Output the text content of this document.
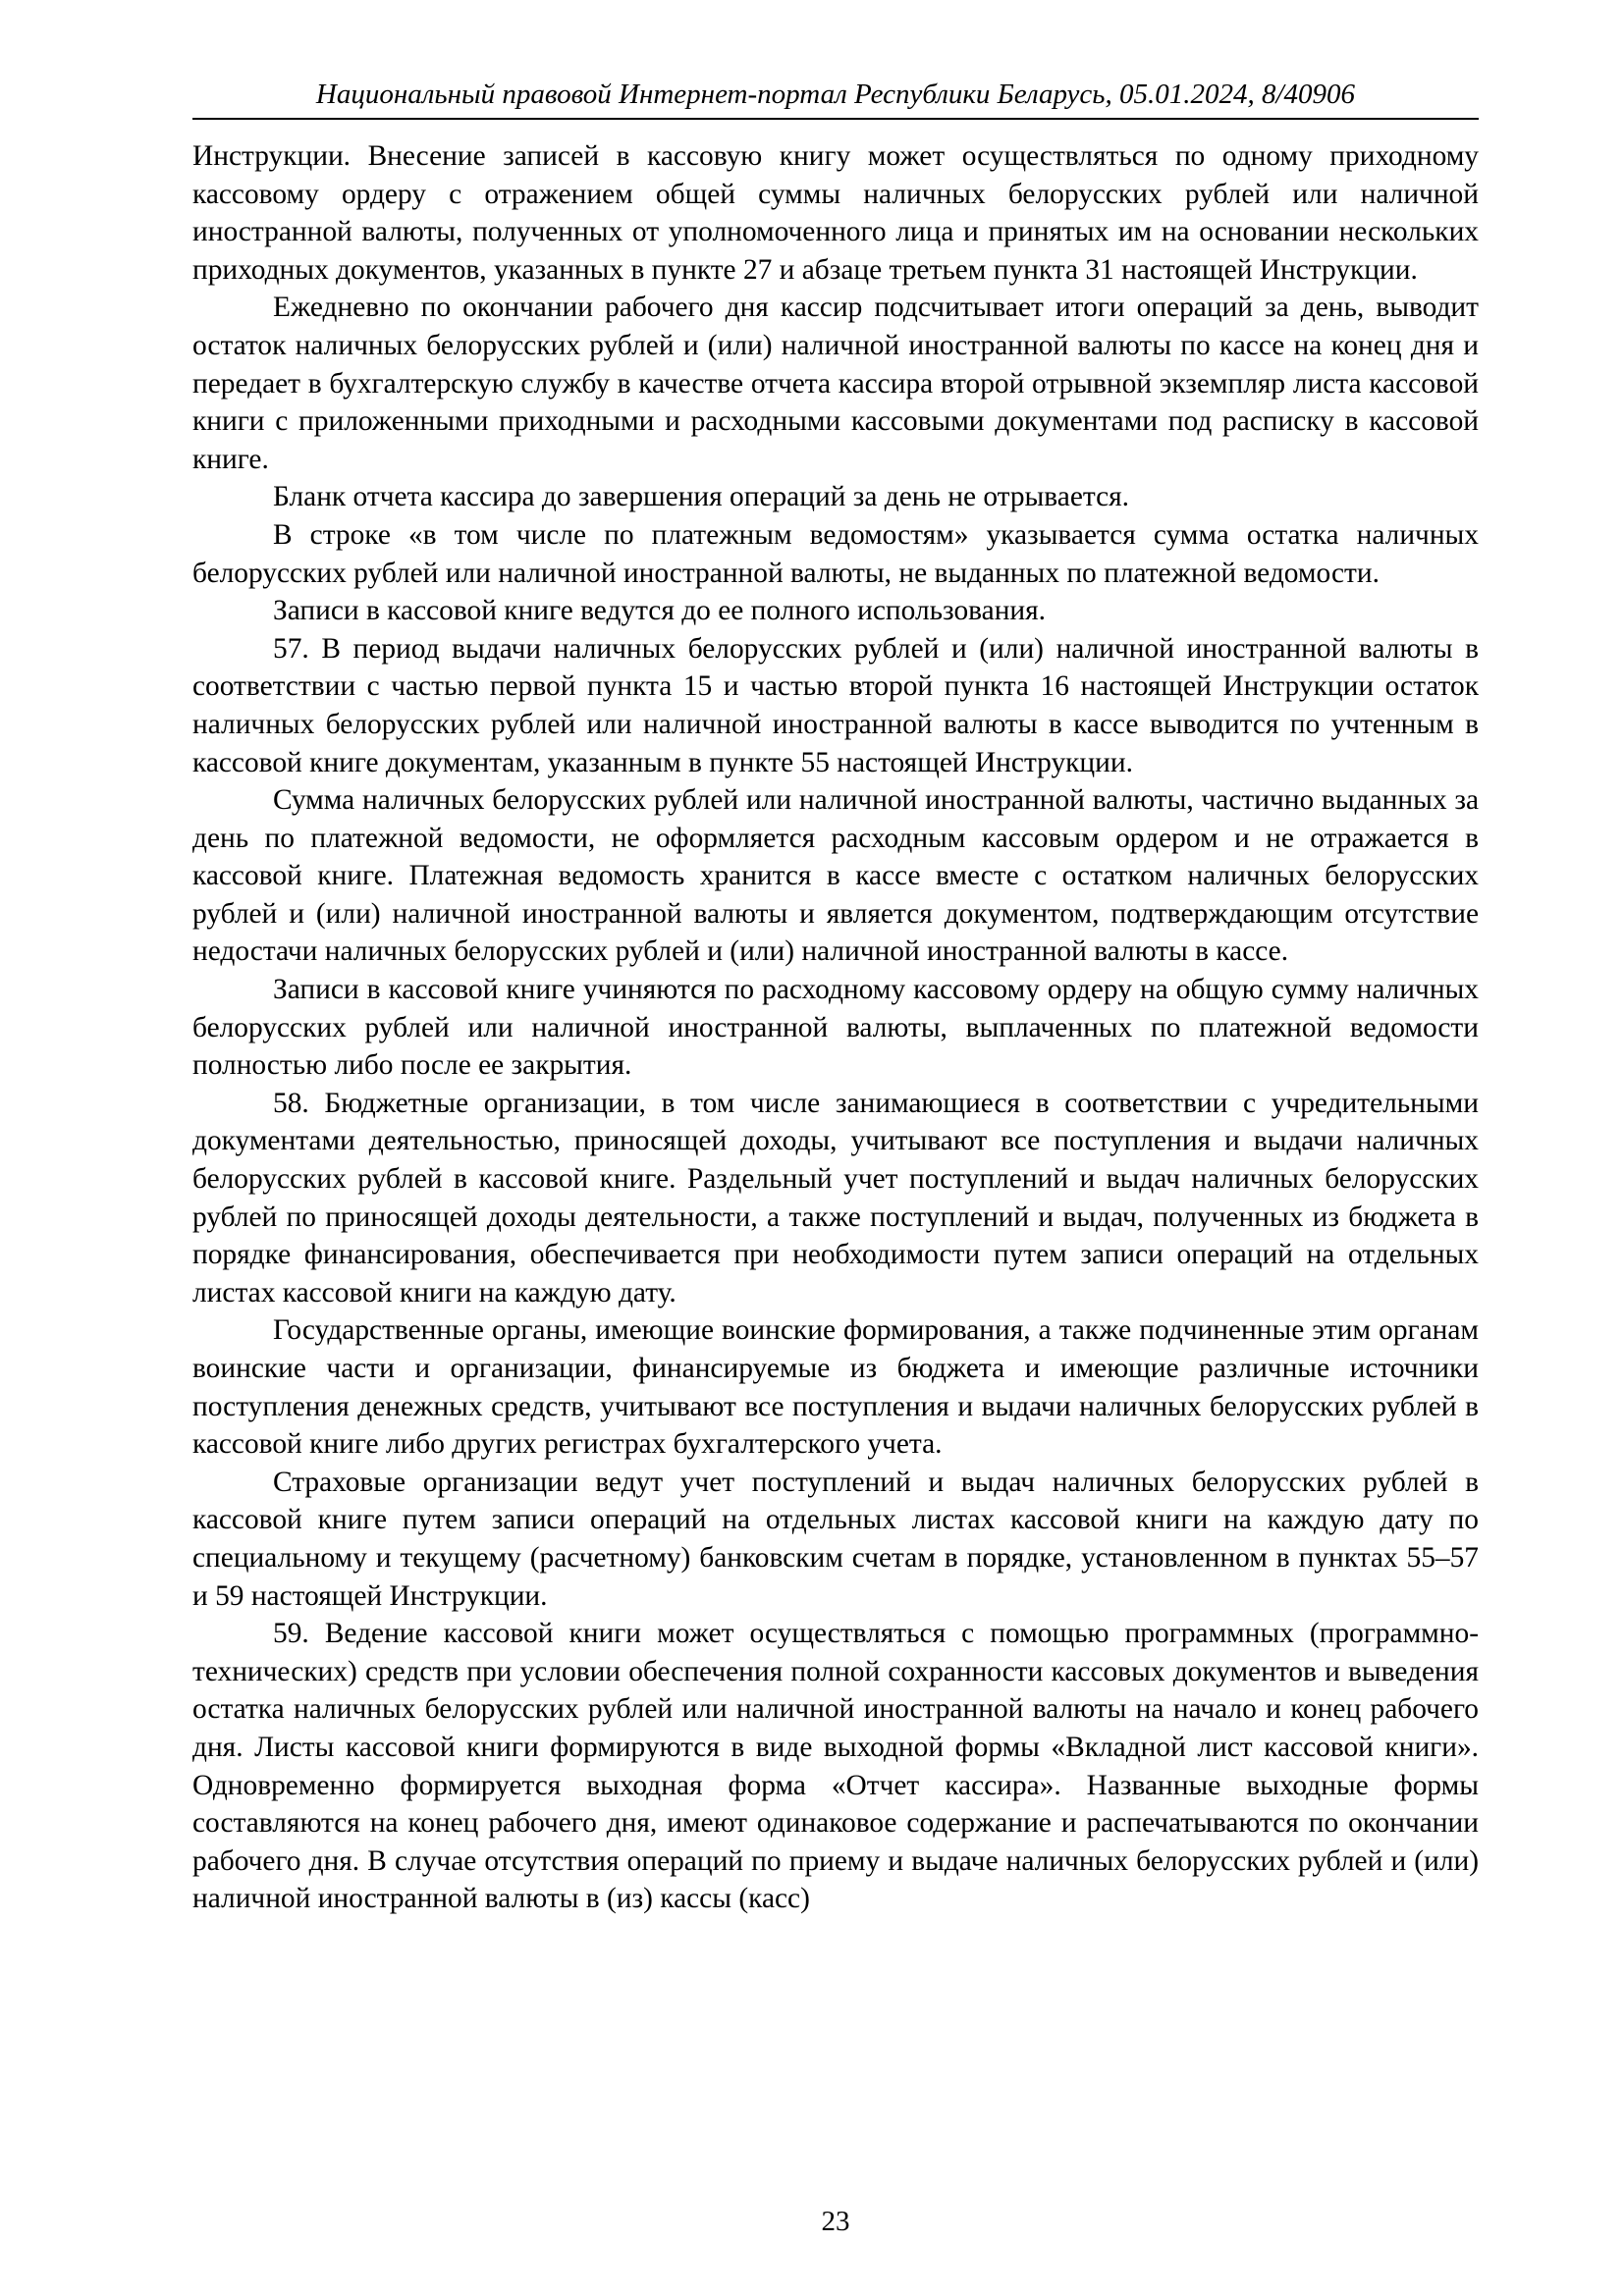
Национальный правовой Интернет-портал Республики Беларусь, 05.01.2024, 8/40906

Инструкции. Внесение записей в кассовую книгу может осуществляться по одному приходному кассовому ордеру с отражением общей суммы наличных белорусских рублей или наличной иностранной валюты, полученных от уполномоченного лица и принятых им на основании нескольких приходных документов, указанных в пункте 27 и абзаце третьем пункта 31 настоящей Инструкции.

Ежедневно по окончании рабочего дня кассир подсчитывает итоги операций за день, выводит остаток наличных белорусских рублей и (или) наличной иностранной валюты по кассе на конец дня и передает в бухгалтерскую службу в качестве отчета кассира второй отрывной экземпляр листа кассовой книги с приложенными приходными и расходными кассовыми документами под расписку в кассовой книге.

Бланк отчета кассира до завершения операций за день не отрывается.

В строке «в том числе по платежным ведомостям» указывается сумма остатка наличных белорусских рублей или наличной иностранной валюты, не выданных по платежной ведомости.

Записи в кассовой книге ведутся до ее полного использования.

57. В период выдачи наличных белорусских рублей и (или) наличной иностранной валюты в соответствии с частью первой пункта 15 и частью второй пункта 16 настоящей Инструкции остаток наличных белорусских рублей или наличной иностранной валюты в кассе выводится по учтенным в кассовой книге документам, указанным в пункте 55 настоящей Инструкции.

Сумма наличных белорусских рублей или наличной иностранной валюты, частично выданных за день по платежной ведомости, не оформляется расходным кассовым ордером и не отражается в кассовой книге. Платежная ведомость хранится в кассе вместе с остатком наличных белорусских рублей и (или) наличной иностранной валюты и является документом, подтверждающим отсутствие недостачи наличных белорусских рублей и (или) наличной иностранной валюты в кассе.

Записи в кассовой книге учиняются по расходному кассовому ордеру на общую сумму наличных белорусских рублей или наличной иностранной валюты, выплаченных по платежной ведомости полностью либо после ее закрытия.

58. Бюджетные организации, в том числе занимающиеся в соответствии с учредительными документами деятельностью, приносящей доходы, учитывают все поступления и выдачи наличных белорусских рублей в кассовой книге. Раздельный учет поступлений и выдач наличных белорусских рублей по приносящей доходы деятельности, а также поступлений и выдач, полученных из бюджета в порядке финансирования, обеспечивается при необходимости путем записи операций на отдельных листах кассовой книги на каждую дату.

Государственные органы, имеющие воинские формирования, а также подчиненные этим органам воинские части и организации, финансируемые из бюджета и имеющие различные источники поступления денежных средств, учитывают все поступления и выдачи наличных белорусских рублей в кассовой книге либо других регистрах бухгалтерского учета.

Страховые организации ведут учет поступлений и выдач наличных белорусских рублей в кассовой книге путем записи операций на отдельных листах кассовой книги на каждую дату по специальному и текущему (расчетному) банковским счетам в порядке, установленном в пунктах 55–57 и 59 настоящей Инструкции.

59. Ведение кассовой книги может осуществляться с помощью программных (программно-технических) средств при условии обеспечения полной сохранности кассовых документов и выведения остатка наличных белорусских рублей или наличной иностранной валюты на начало и конец рабочего дня. Листы кассовой книги формируются в виде выходной формы «Вкладной лист кассовой книги». Одновременно формируется выходная форма «Отчет кассира». Названные выходные формы составляются на конец рабочего дня, имеют одинаковое содержание и распечатываются по окончании рабочего дня. В случае отсутствия операций по приему и выдаче наличных белорусских рублей и (или) наличной иностранной валюты в (из) кассы (касс)

23
